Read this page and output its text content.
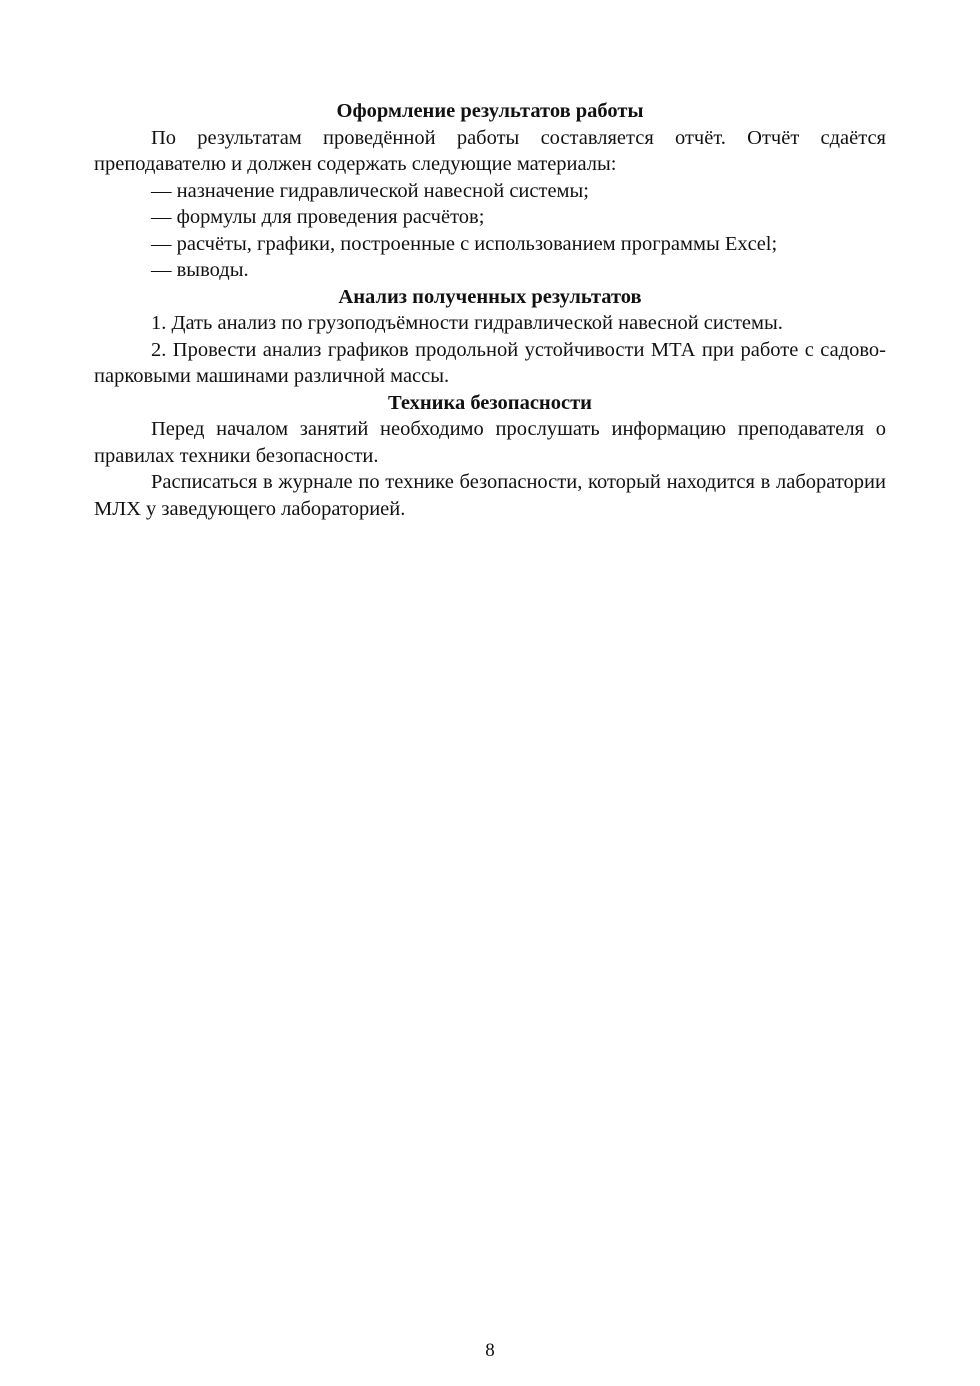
Оформление результатов работы

По результатам проведённой работы составляется отчёт. Отчёт сдаётся преподавателю и должен содержать следующие материалы:

— назначение гидравлической навесной системы;

— формулы для проведения расчётов;

— расчёты, графики, построенные с использованием программы Excel;

— выводы.

Анализ полученных результатов

1. Дать анализ по грузоподъёмности гидравлической навесной системы.

2. Провести анализ графиков продольной устойчивости МТА при работе с садово-парковыми машинами различной массы.

Техника безопасности

Перед началом занятий необходимо прослушать информацию преподавателя о правилах техники безопасности.

Расписаться в журнале по технике безопасности, который находится в лаборатории МЛХ у заведующего лабораторией.

8
